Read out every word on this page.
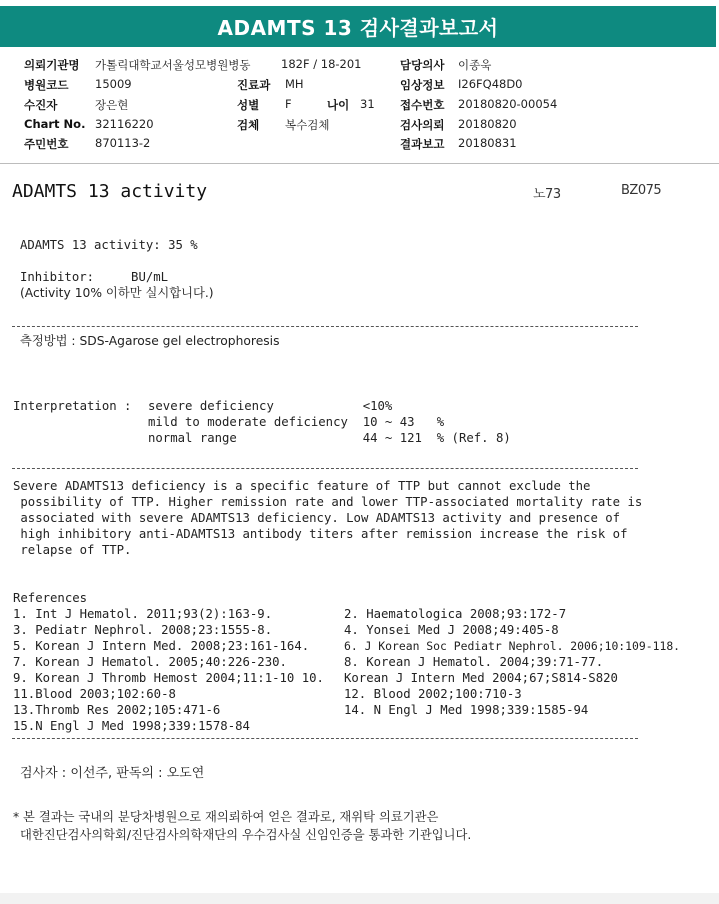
ADAMTS 13 검사결과보고서
의뢰기관명 가톨릭대학교서울성모병원병동	182F / 18-201	담당의사 이종욱
병원코드 15009	진료과 MH	임상정보 I26FQ48D0
수진자	장은현	성별 F	나이 31 접수번호 20180820-00054
Chart No. 32116220	검체 복수검체	검사의뢰 20180820
주민번호 870113-2	결과보고 20180831
ADAMTS 13 activity	노73	BZ075
ADAMTS 13 activity: 35 %
Inhibitor:     BU/mL
(Activity 10% 이하만 실시합니다.)
측정방법 : SDS-Agarose gel electrophoresis
Interpretation : severe deficiency            <10%
mild to moderate deficiency  10 ~ 43   %
normal range                 44 ~ 121  % (Ref. 8)
Severe ADAMTS13 deficiency is a specific feature of TTP but cannot exclude the
possibility of TTP. Higher remission rate and lower TTP-associated mortality rate is
associated with severe ADAMTS13 deficiency. Low ADAMTS13 activity and presence of
high inhibitory anti-ADAMTS13 antibody titers after remission increase the risk of
relapse of TTP.
References
1. Int J Hematol. 2011;93(2):163-9.	2. Haematologica 2008;93:172-7
3. Pediatr Nephrol. 2008;23:1555-8.	4. Yonsei Med J 2008;49:405-8
5. Korean J Intern Med. 2008;23:161-164.	6. J Korean Soc Pediatr Nephrol. 2006;10:109-118.
7. Korean J Hematol. 2005;40:226-230.	8. Korean J Hematol. 2004;39:71-77.
9. Korean J Thromb Hemost 2004;11:1-10 10. Korean J Intern Med 2004;67;S814-S820
11.Blood 2003;102:60-8	12. Blood 2002;100:710-3
13.Thromb Res 2002;105:471-6	14. N Engl J Med 1998;339:1585-94
15.N Engl J Med 1998;339:1578-84
검사자 : 이선주, 판독의 : 오도연
* 본 결과는 국내의 분당차병원으로 재의뢰하여 얻은 결과로, 재위탁 의료기관은
대한진단검사의학회/진단검사의학재단의 우수검사실 신임인증을 통과한 기관입니다.
